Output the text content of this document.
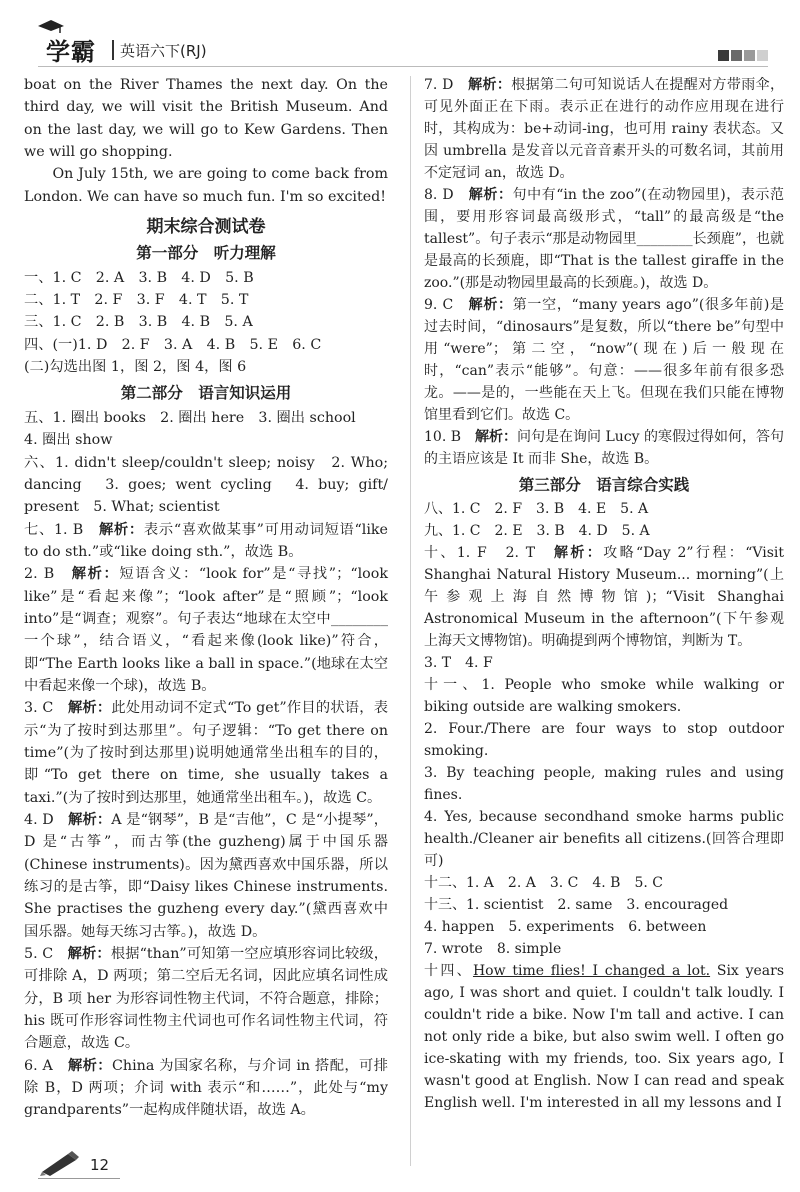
学霸 英语六下(RJ)

boat on the River Thames the next day. On the third day, we will visit the British Museum. And on the last day, we will go to Kew Gardens. Then we will go shopping.

On July 15th, we are going to come back from London. We can have so much fun. I'm so excited!

期末综合测试卷
第一部分　听力理解

一、1. C　2. A　3. B　4. D　5. B

二、1. T　2. F　3. F　4. T　5. T

三、1. C　2. B　3. B　4. B　5. A

四、(一)1. D　2. F　3. A　4. B　5. E　6. C

(二)勾选出图 1，图 2，图 4，图 6

第二部分　语言知识运用

五、1. 圈出 books　2. 圈出 here　3. 圈出 school

4. 圈出 show

六、1. didn't sleep/couldn't sleep; noisy　2. Who; dancing　3. goes; went cycling　4. buy; gift/ present　5. What; scientist

七、1. B　解析：表示“喜欢做某事”可用动词短语“like to do sth.”或“like doing sth.”，故选 B。

2. B　解析：短语含义：“look for”是“寻找”；“look like”是“看起来像”；“look after”是“照顾”；“look into”是“调查；观察”。句子表达“地球在太空中________一个球”，结合语义，“看起来像(look like)”符合，即“The Earth looks like a ball in space.”(地球在太空中看起来像一个球)，故选 B。

3. C　解析：此处用动词不定式“To get”作目的状语，表示“为了按时到达那里”。句子逻辑：“To get there on time”(为了按时到达那里)说明她通常坐出租车的目的，即“To get there on time, she usually takes a taxi.”(为了按时到达那里，她通常坐出租车。)，故选 C。

4. D　解析：A 是“钢琴”，B 是“吉他”，C 是“小提琴”，D 是“古筝”，而古筝(the guzheng)属于中国乐器(Chinese instruments)。因为黛西喜欢中国乐器，所以练习的是古筝，即“Daisy likes Chinese instruments. She practises the guzheng every day.”(黛西喜欢中国乐器。她每天练习古筝。)，故选 D。

5. C　解析：根据“than”可知第一空应填形容词比较级，可排除 A，D 两项；第二空后无名词，因此应填名词性成分，B 项 her 为形容词性物主代词，不符合题意，排除；his 既可作形容词性物主代词也可作名词性物主代词，符合题意，故选 C。

6. A　解析：China 为国家名称，与介词 in 搭配，可排除 B，D 两项；介词 with 表示“和……”，此处与“my grandparents”一起构成伴随状语，故选 A。

7. D　解析：根据第二句可知说话人在提醒对方带雨伞，可见外面正在下雨。表示正在进行的动作应用现在进行时，其构成为：be+动词-ing，也可用 rainy 表状态。又因 umbrella 是发音以元音音素开头的可数名词，其前用不定冠词 an，故选 D。

8. D　解析：句中有“in the zoo”(在动物园里)，表示范围，要用形容词最高级形式，“tall”的最高级是“the tallest”。句子表示“那是动物园里________长颈鹿”，也就是最高的长颈鹿，即“That is the tallest giraffe in the zoo.”(那是动物园里最高的长颈鹿。)，故选 D。

9. C　解析：第一空，“many years ago”(很多年前)是过去时间，“dinosaurs”是复数，所以“there be”句型中用“were”；第二空，“now”(现在)后一般现在时，“can”表示“能够”。句意：——很多年前有很多恐龙。——是的，一些能在天上飞。但现在我们只能在博物馆里看到它们。故选 C。

10. B　解析：问句是在询问 Lucy 的寒假过得如何，答句的主语应该是 It 而非 She，故选 B。

第三部分　语言综合实践

八、1. C　2. F　3. B　4. E　5. A

九、1. C　2. E　3. B　4. D　5. A

十、1. F　2. T　解析：攻略“Day 2”行程：“Visit Shanghai Natural History Museum... morning”(上午参观上海自然博物馆)；“Visit Shanghai Astronomical Museum in the afternoon”(下午参观上海天文博物馆)。明确提到两个博物馆，判断为 T。

3. T　4. F

十一、1. People who smoke while walking or biking outside are walking smokers.

2. Four./There are four ways to stop outdoor smoking.

3. By teaching people, making rules and using fines.

4. Yes, because secondhand smoke harms public health./Cleaner air benefits all citizens.(回答合理即可)

十二、1. A　2. A　3. C　4. B　5. C

十三、1. scientist　2. same　3. encouraged

4. happen　5. experiments　6. between

7. wrote　8. simple

十四、How time flies! I changed a lot. Six years ago, I was short and quiet. I couldn't talk loudly. I couldn't ride a bike. Now I'm tall and active. I can not only ride a bike, but also swim well. I often go ice-skating with my friends, too. Six years ago, I wasn't good at English. Now I can read and speak English well. I'm interested in all my lessons and I

12
